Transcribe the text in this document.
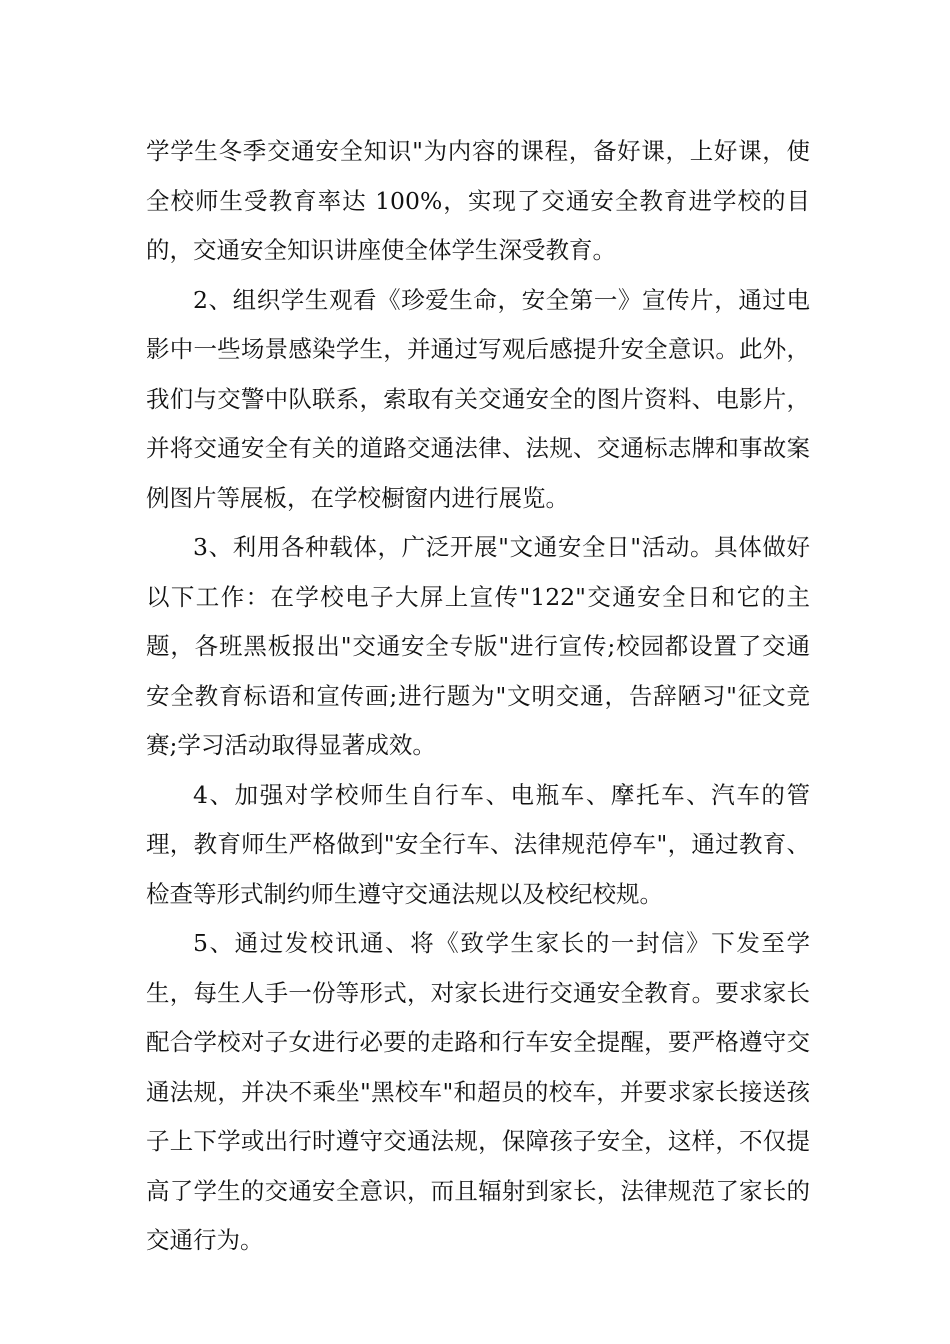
学学生冬季交通安全知识"为内容的课程，备好课，上好课，使全校师生受教育率达 100%，实现了交通安全教育进学校的目的，交通安全知识讲座使全体学生深受教育。

2、组织学生观看《珍爱生命，安全第一》宣传片，通过电影中一些场景感染学生，并通过写观后感提升安全意识。此外，我们与交警中队联系，索取有关交通安全的图片资料、电影片，并将交通安全有关的道路交通法律、法规、交通标志牌和事故案例图片等展板，在学校橱窗内进行展览。

3、利用各种载体，广泛开展"文通安全日"活动。具体做好以下工作：在学校电子大屏上宣传"122"交通安全日和它的主题，各班黑板报出"交通安全专版"进行宣传;校园都设置了交通安全教育标语和宣传画;进行题为"文明交通，告辞陋习"征文竞赛;学习活动取得显著成效。

4、加强对学校师生自行车、电瓶车、摩托车、汽车的管理，教育师生严格做到"安全行车、法律规范停车"，通过教育、检查等形式制约师生遵守交通法规以及校纪校规。

5、通过发校讯通、将《致学生家长的一封信》下发至学生，每生人手一份等形式，对家长进行交通安全教育。要求家长配合学校对子女进行必要的走路和行车安全提醒，要严格遵守交通法规，并决不乘坐"黑校车"和超员的校车，并要求家长接送孩子上下学或出行时遵守交通法规，保障孩子安全，这样，不仅提高了学生的交通安全意识，而且辐射到家长，法律规范了家长的交通行为。
